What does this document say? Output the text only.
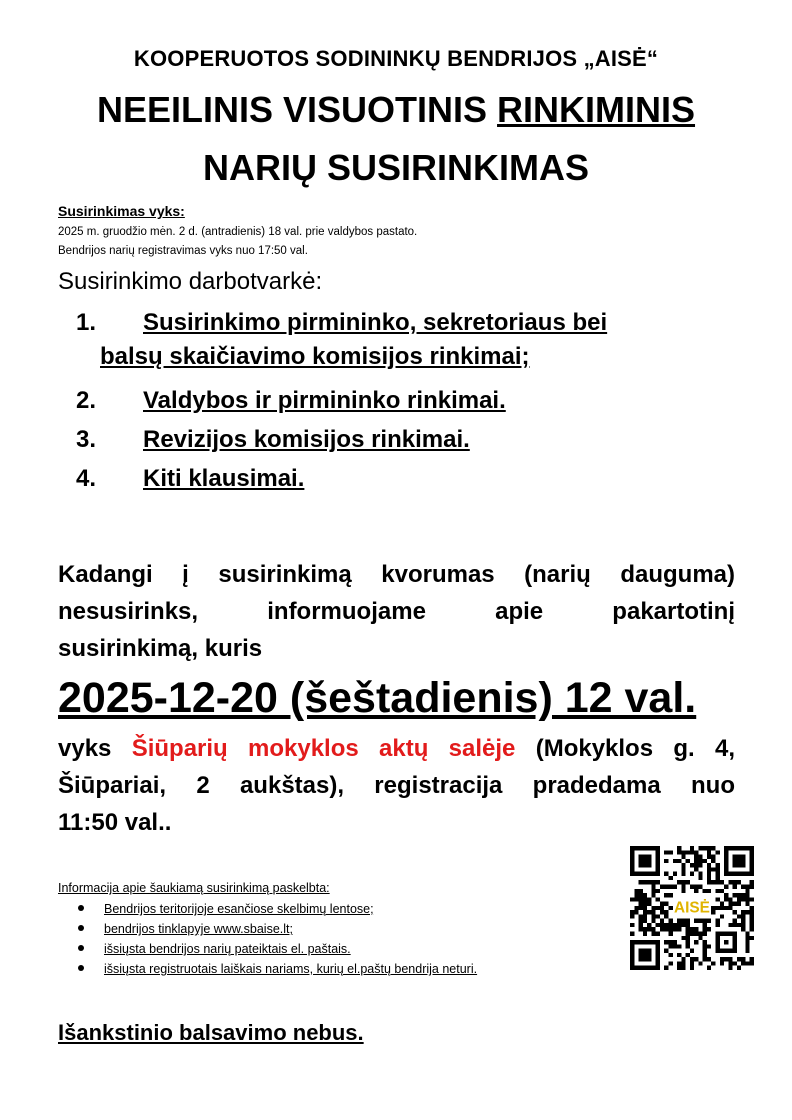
KOOPERUOTOS SODININKŲ BENDRIJOS „AISĖ“
NEEILINIS VISUOTINIS RINKIMINIS
NARIŲ SUSIRINKIMAS
Susirinkimas vyks:
2025 m. gruodžio mėn. 2 d. (antradienis) 18 val. prie valdybos pastato.
Bendrijos narių registravimas vyks nuo 17:50 val.
Susirinkimo darbotvarkė:
1. Susirinkimo pirmininko, sekretoriaus bei
balsų skaičiavimo komisijos rinkimai;
2. Valdybos ir pirmininko rinkimai.
3. Revizijos komisijos rinkimai.
4. Kiti klausimai.
Kadangi į susirinkimą kvorumas (narių dauguma)
nesusirinks, informuojame apie pakartotinį
susirinkimą, kuris
2025-12-20 (šeštadienis) 12 val.
vyks Šiūparių mokyklos aktų salėje (Mokyklos g. 4,
Šiūpariai, 2 aukštas), registracija pradedama nuo
11:50 val..
Informacija apie šaukiamą susirinkimą paskelbta:
Bendrijos teritorijoje esančiose skelbimų lentose;
bendrijos tinklapyje www.sbaise.lt;
išsiųsta bendrijos narių pateiktais el. paštais.
išsiųsta registruotais laiškais nariams, kurių el.paštų bendrija neturi.
AISĖ
Išankstinio balsavimo nebus.
